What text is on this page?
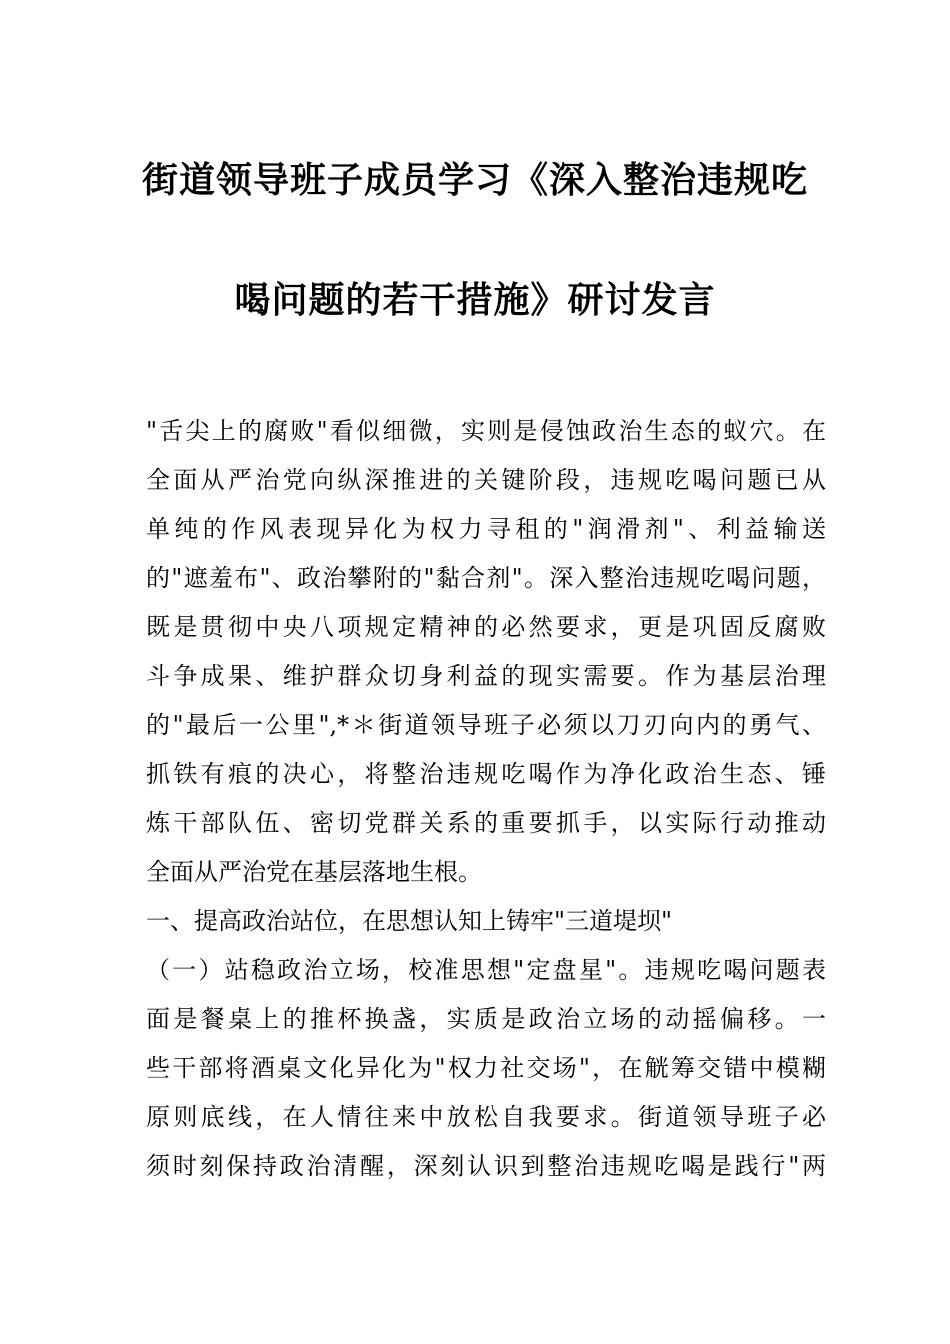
街道领导班子成员学习《深入整治违规吃
喝问题的若干措施》研讨发言
"舌尖上的腐败"看似细微，实则是侵蚀政治生态的蚁穴。在
全面从严治党向纵深推进的关键阶段，违规吃喝问题已从
单纯的作风表现异化为权力寻租的"润滑剂"、利益输送
的"遮羞布"、政治攀附的"黏合剂"。深入整治违规吃喝问题，
既是贯彻中央八项规定精神的必然要求，更是巩固反腐败
斗争成果、维护群众切身利益的现实需要。作为基层治理
的"最后一公里",*＊街道领导班子必须以刀刃向内的勇气、
抓铁有痕的决心，将整治违规吃喝作为净化政治生态、锤
炼干部队伍、密切党群关系的重要抓手，以实际行动推动
全面从严治党在基层落地生根。
一、提高政治站位，在思想认知上铸牢"三道堤坝"
（一）站稳政治立场，校准思想"定盘星"。违规吃喝问题表
面是餐桌上的推杯换盏，实质是政治立场的动摇偏移。一
些干部将酒桌文化异化为"权力社交场"，在觥筹交错中模糊
原则底线，在人情往来中放松自我要求。街道领导班子必
须时刻保持政治清醒，深刻认识到整治违规吃喝是践行"两
